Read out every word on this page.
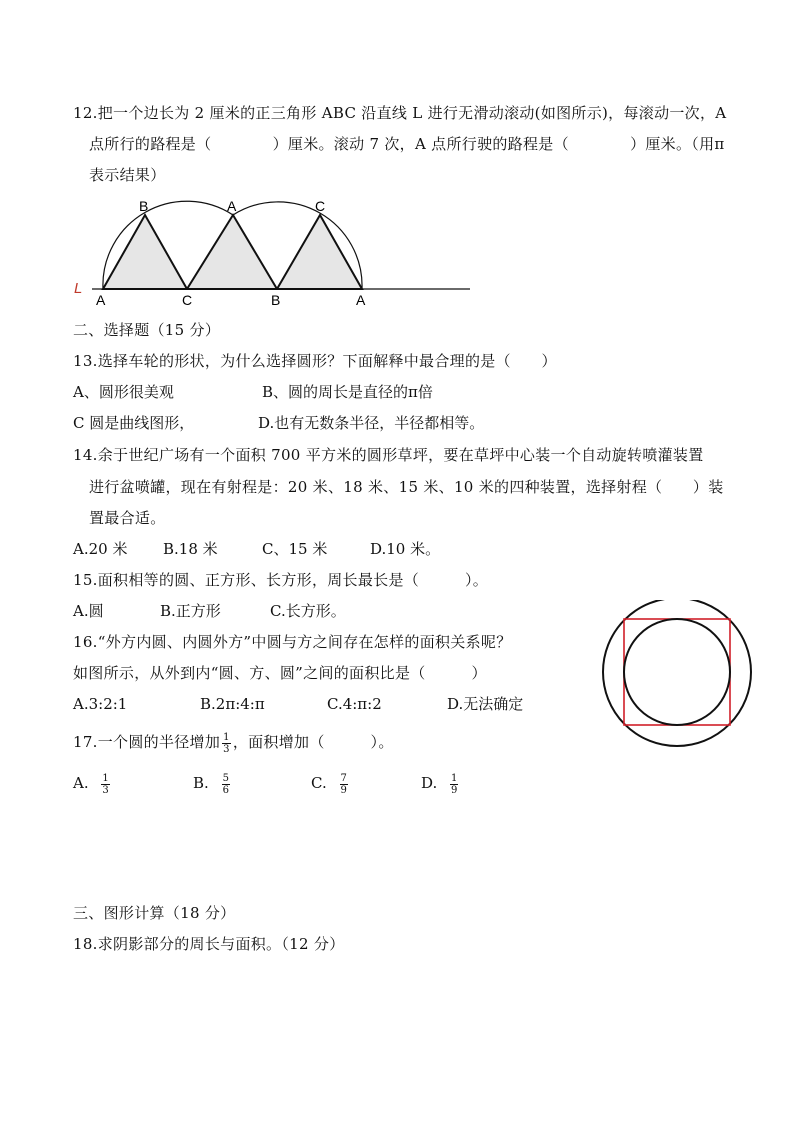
12.把一个边长为 2 厘米的正三角形 ABC 沿直线 L 进行无滑动滚动(如图所示)，每滚动一次，A
点所行的路程是（　　　　）厘米。滚动 7 次，A 点所行驶的路程是（　　　　）厘米。（用π
表示结果）
L
B	A	C
A	C	B	A
二、选择题（15 分）
13.选择车轮的形状，为什么选择圆形？下面解释中最合理的是（　　）
A、圆形很美观	B、圆的周长是直径的π倍
C 圆是曲线图形，	D.也有无数条半径，半径都相等。
14.余于世纪广场有一个面积 700 平方米的圆形草坪，要在草坪中心装一个自动旋转喷灌装置
进行盆喷罐，现在有射程是：20 米、18 米、15 米、10 米的四种装置，选择射程（　　）装
置最合适。
A.20 米 B.18 米	C、15 米	D.10 米。
15.面积相等的圆、正方形、长方形，周长最长是（　　　）。
A.圆	B.正方形	C.长方形。
16.“外方内圆、内圆外方”中圆与方之间存在怎样的面积关系呢？
如图所示，从外到内“圆、方、圆”之间的面积比是（　　　）
A.3:2:1	B.2π:4:π	C.4:π:2	D.无法确定
17.一个圆的半径增加 $\frac{1}{3}$ ，面积增加（　　　）。
A. $\frac{1}{3}$	B. $\frac{5}{6}$	C. $\frac{7}{9}$	D. $\frac{1}{9}$
三、图形计算（18 分）
18.求阴影部分的周长与面积。（12 分）
